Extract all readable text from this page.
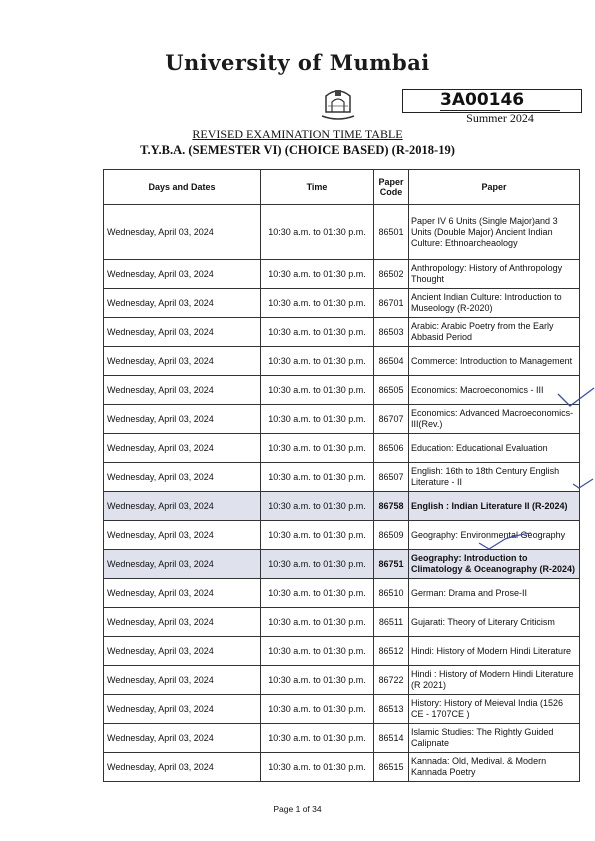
University of Mumbai
3A00146
Summer 2024
REVISED EXAMINATION TIME TABLE
T.Y.B.A. (SEMESTER VI) (CHOICE BASED) (R-2018-19)
Days and Dates	Time	Paper Code	Paper
Wednesday, April 03, 2024	10:30 a.m. to 01:30 p.m.	86501	Paper IV 6 Units (Single Major)and 3 Units (Double Major) Ancient Indian Culture: Ethnoarcheaology
Wednesday, April 03, 2024	10:30 a.m. to 01:30 p.m.	86502	Anthropology: History of Anthropology Thought
Wednesday, April 03, 2024	10:30 a.m. to 01:30 p.m.	86701	Ancient Indian Culture: Introduction to Museology (R-2020)
Wednesday, April 03, 2024	10:30 a.m. to 01:30 p.m.	86503	Arabic: Arabic Poetry from the Early Abbasid Period
Wednesday, April 03, 2024	10:30 a.m. to 01:30 p.m.	86504	Commerce: Introduction to Management
Wednesday, April 03, 2024	10:30 a.m. to 01:30 p.m.	86505	Economics: Macroeconomics - III
Wednesday, April 03, 2024	10:30 a.m. to 01:30 p.m.	86707	Economics: Advanced Macroeconomics-III(Rev.)
Wednesday, April 03, 2024	10:30 a.m. to 01:30 p.m.	86506	Education: Educational Evaluation
Wednesday, April 03, 2024	10:30 a.m. to 01:30 p.m.	86507	English: 16th to 18th Century English Literature - II
Wednesday, April 03, 2024	10:30 a.m. to 01:30 p.m.	86758	English : Indian Literature II (R-2024)
Wednesday, April 03, 2024	10:30 a.m. to 01:30 p.m.	86509	Geography: Environmental Geography
Wednesday, April 03, 2024	10:30 a.m. to 01:30 p.m.	86751	Geography: Introduction to Climatology & Oceanography (R-2024)
Wednesday, April 03, 2024	10:30 a.m. to 01:30 p.m.	86510	German: Drama and Prose-II
Wednesday, April 03, 2024	10:30 a.m. to 01:30 p.m.	86511	Gujarati: Theory of Literary Criticism
Wednesday, April 03, 2024	10:30 a.m. to 01:30 p.m.	86512	Hindi: History of Modern Hindi Literature
Wednesday, April 03, 2024	10:30 a.m. to 01:30 p.m.	86722	Hindi : History of Modern Hindi Literature (R 2021)
Wednesday, April 03, 2024	10:30 a.m. to 01:30 p.m.	86513	History: History of Meieval India (1526 CE - 1707CE )
Wednesday, April 03, 2024	10:30 a.m. to 01:30 p.m.	86514	Islamic Studies: The Rightly Guided Calipnate
Wednesday, April 03, 2024	10:30 a.m. to 01:30 p.m.	86515	Kannada: Old, Medival. & Modern Kannada Poetry
Page 1 of 34
